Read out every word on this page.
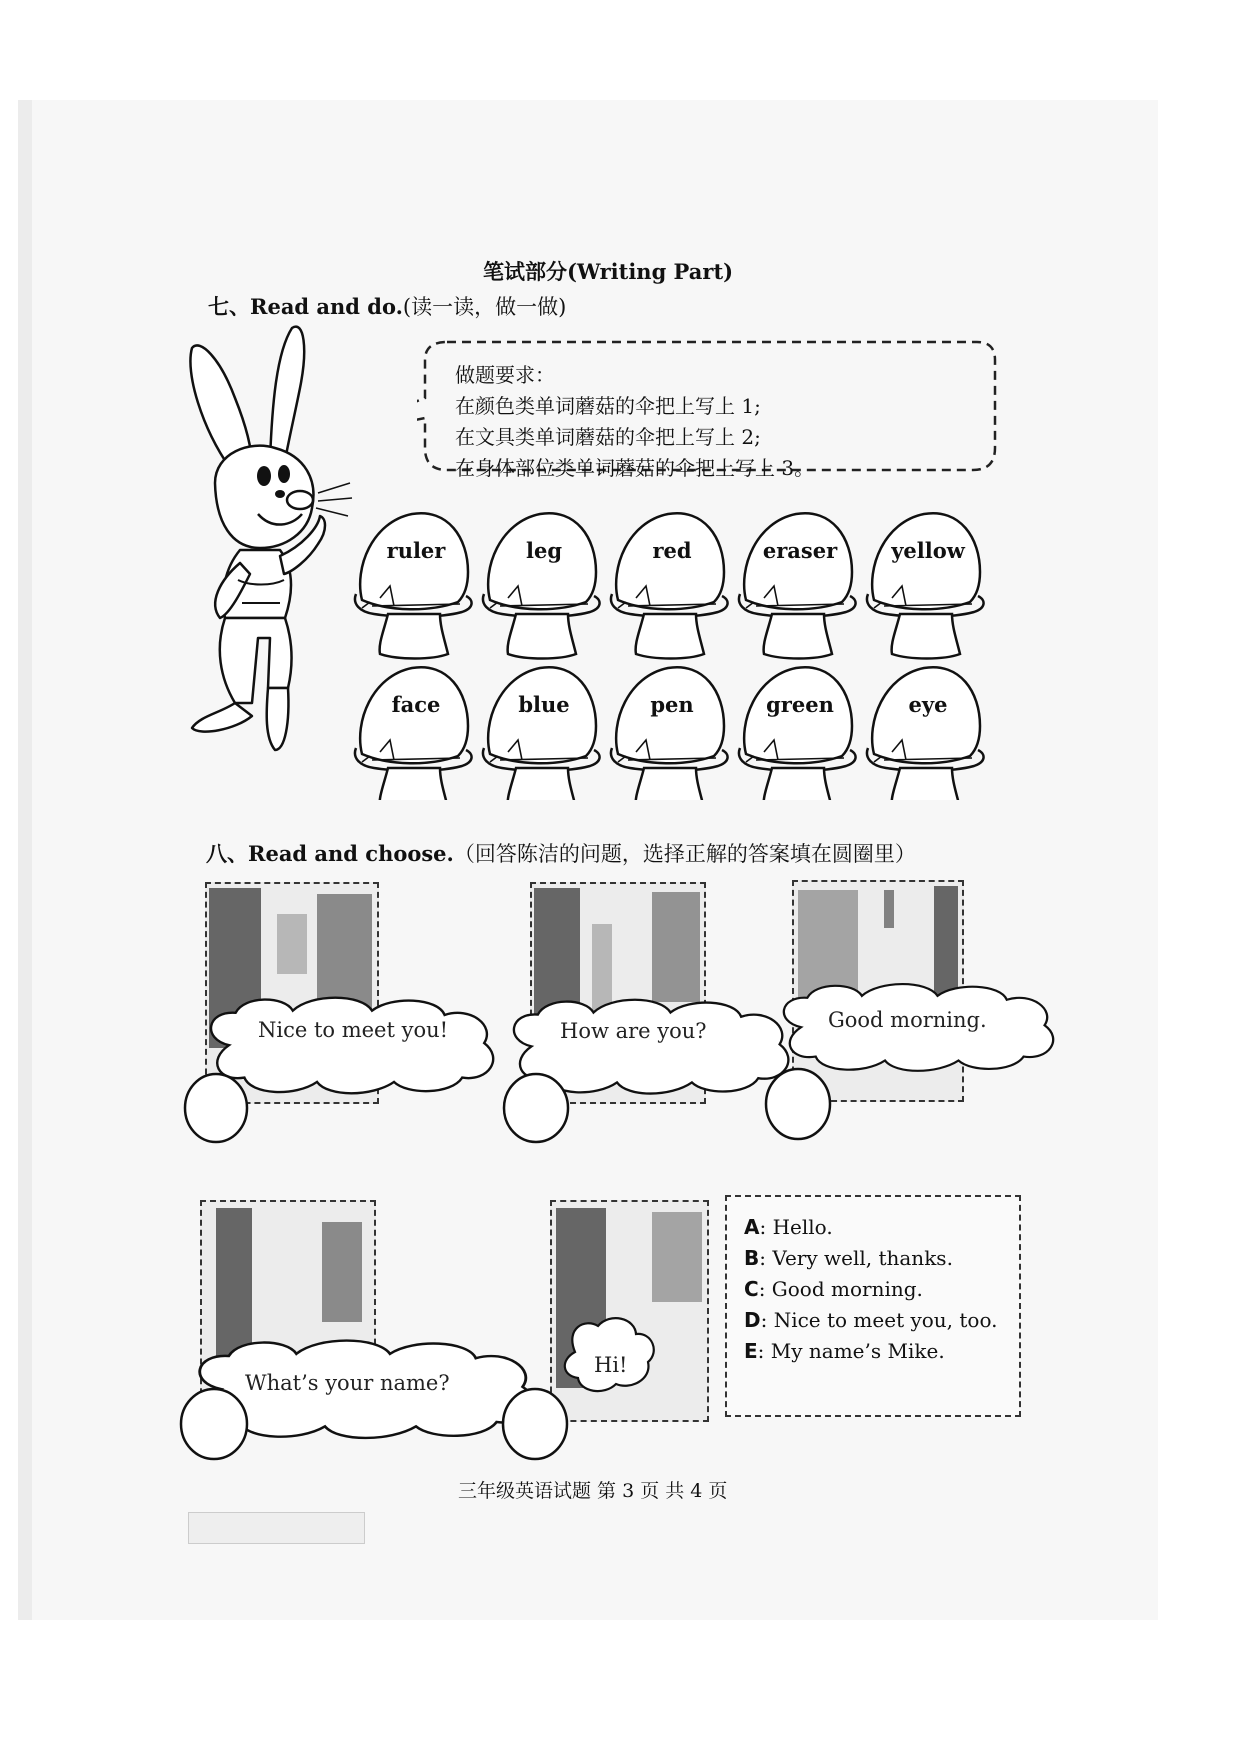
笔试部分(Writing Part)
七、Read and do.(读一读，做一做)
做题要求：
在颜色类单词蘑菇的伞把上写上 1;
在文具类单词蘑菇的伞把上写上 2;
在身体部位类单词蘑菇的伞把上写上 3。
ruler	leg	red	eraser	yellow
face	blue	pen	green	eye
八、Read and choose.（回答陈洁的问题，选择正解的答案填在圆圈里）
Nice to meet you!	How are you?	Good morning.
What’s your name?
Hi!
A: Hello.
B: Very well, thanks.
C: Good morning.
D: Nice to meet you, too.
E: My name’s Mike.
三年级英语试题 第 3 页 共 4 页
